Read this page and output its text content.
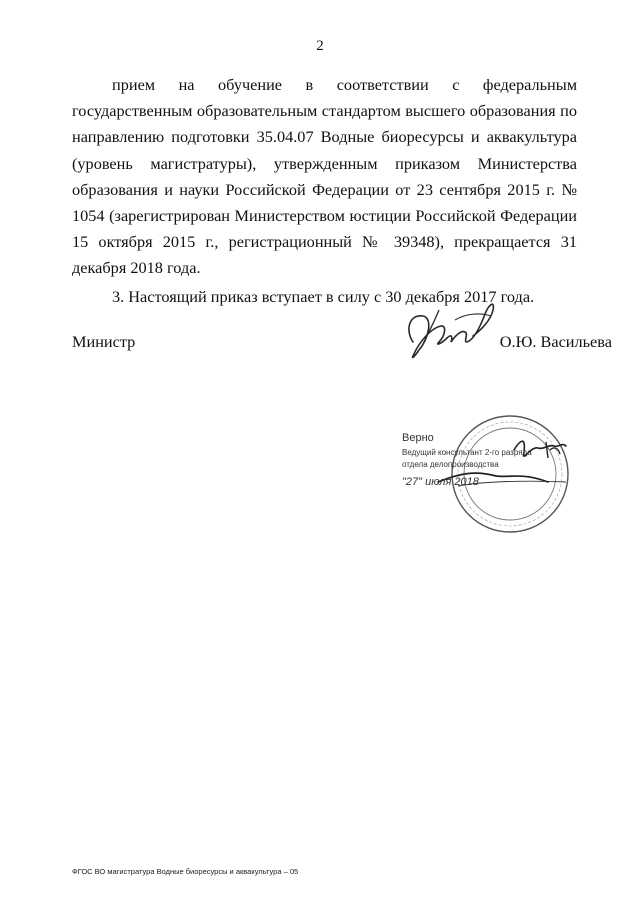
2

прием на обучение в соответствии с федеральным государственным образовательным стандартом высшего образования по направлению подготовки 35.04.07 Водные биоресурсы и аквакультура (уровень магистратуры), утвержденным приказом Министерства образования и науки Российской Федерации от 23 сентября 2015 г. № 1054 (зарегистрирован Министерством юстиции Российской Федерации 15 октября 2015 г., регистрационный № 39348), прекращается 31 декабря 2018 года.

3. Настоящий приказ вступает в силу с 30 декабря 2017 года.

Министр	О.Ю. Васильева
Верно
Ведущий консультант 2-го разряда
отдела делопроизводства
"27" июля 2018
ФГОС ВО магистратура Водные биоресурсы и аквакультура – 05
